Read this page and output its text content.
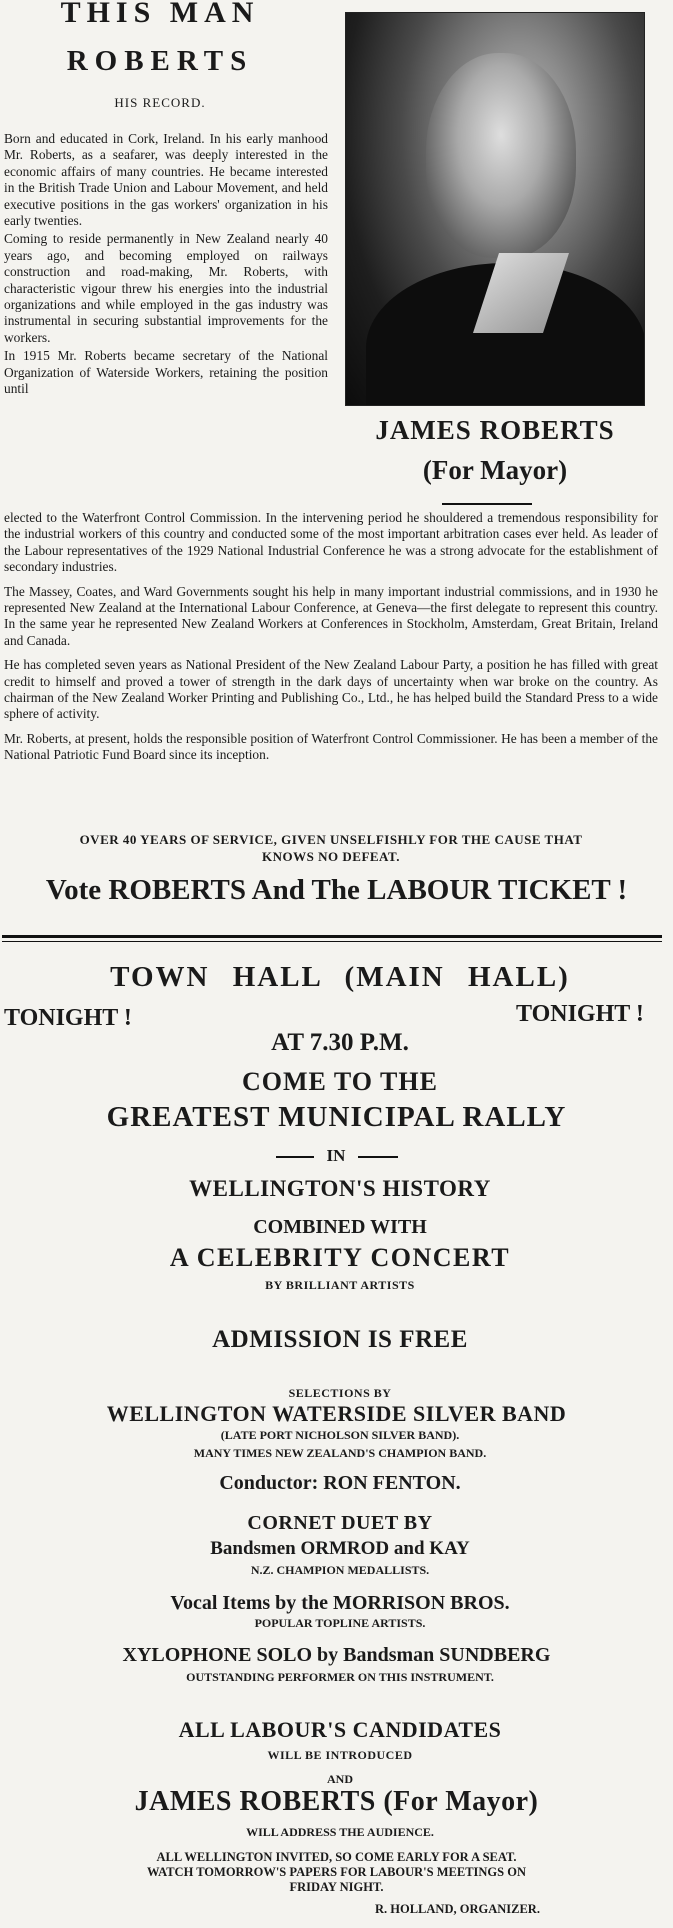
THIS MAN
ROBERTS
HIS RECORD.

Born and educated in Cork, Ireland. In his early manhood Mr. Roberts, as a seafarer, was deeply interested in the economic affairs of many countries. He became interested in the British Trade Union and Labour Movement, and held executive positions in the gas workers' organization in his early twenties.

Coming to reside permanently in New Zealand nearly 40 years ago, and becoming employed on railways construction and road-making, Mr. Roberts, with characteristic vigour threw his energies into the industrial organizations and while employed in the gas industry was instrumental in securing substantial improvements for the workers.

In 1915 Mr. Roberts became secretary of the National Organization of Waterside Workers, retaining the position until

JAMES ROBERTS
(For Mayor)

elected to the Waterfront Control Commission. In the intervening period he shouldered a tremendous responsibility for the industrial workers of this country and conducted some of the most important arbitration cases ever held. As leader of the Labour representatives of the 1929 National Industrial Conference he was a strong advocate for the establishment of secondary industries.

The Massey, Coates, and Ward Governments sought his help in many important industrial commissions, and in 1930 he represented New Zealand at the International Labour Conference, at Geneva—the first delegate to represent this country. In the same year he represented New Zealand Workers at Conferences in Stockholm, Amsterdam, Great Britain, Ireland and Canada.

He has completed seven years as National President of the New Zealand Labour Party, a position he has filled with great credit to himself and proved a tower of strength in the dark days of uncertainty when war broke on the country. As chairman of the New Zealand Worker Printing and Publishing Co., Ltd., he has helped build the Standard Press to a wide sphere of activity.

Mr. Roberts, at present, holds the responsible position of Waterfront Control Commissioner. He has been a member of the National Patriotic Fund Board since its inception.

OVER 40 YEARS OF SERVICE, GIVEN UNSELFISHLY FOR THE CAUSE THAT
KNOWS NO DEFEAT.
Vote ROBERTS And The LABOUR TICKET !
TOWN HALL (MAIN HALL)
TONIGHT !	TONIGHT !
AT 7.30 P.M.
COME TO THE
GREATEST MUNICIPAL RALLY
IN
WELLINGTON'S HISTORY
COMBINED WITH
A CELEBRITY CONCERT
BY BRILLIANT ARTISTS
ADMISSION IS FREE
SELECTIONS BY
WELLINGTON WATERSIDE SILVER BAND
(LATE PORT NICHOLSON SILVER BAND).
MANY TIMES NEW ZEALAND'S CHAMPION BAND.
Conductor: RON FENTON.
CORNET DUET BY
Bandsmen ORMROD and KAY
N.Z. CHAMPION MEDALLISTS.
Vocal Items by the MORRISON BROS.
POPULAR TOPLINE ARTISTS.
XYLOPHONE SOLO by Bandsman SUNDBERG
OUTSTANDING PERFORMER ON THIS INSTRUMENT.
ALL LABOUR'S CANDIDATES
WILL BE INTRODUCED
AND
JAMES ROBERTS (For Mayor)
WILL ADDRESS THE AUDIENCE.
ALL WELLINGTON INVITED, SO COME EARLY FOR A SEAT.
WATCH TOMORROW'S PAPERS FOR LABOUR'S MEETINGS ON
FRIDAY NIGHT.
R. HOLLAND, ORGANIZER.
